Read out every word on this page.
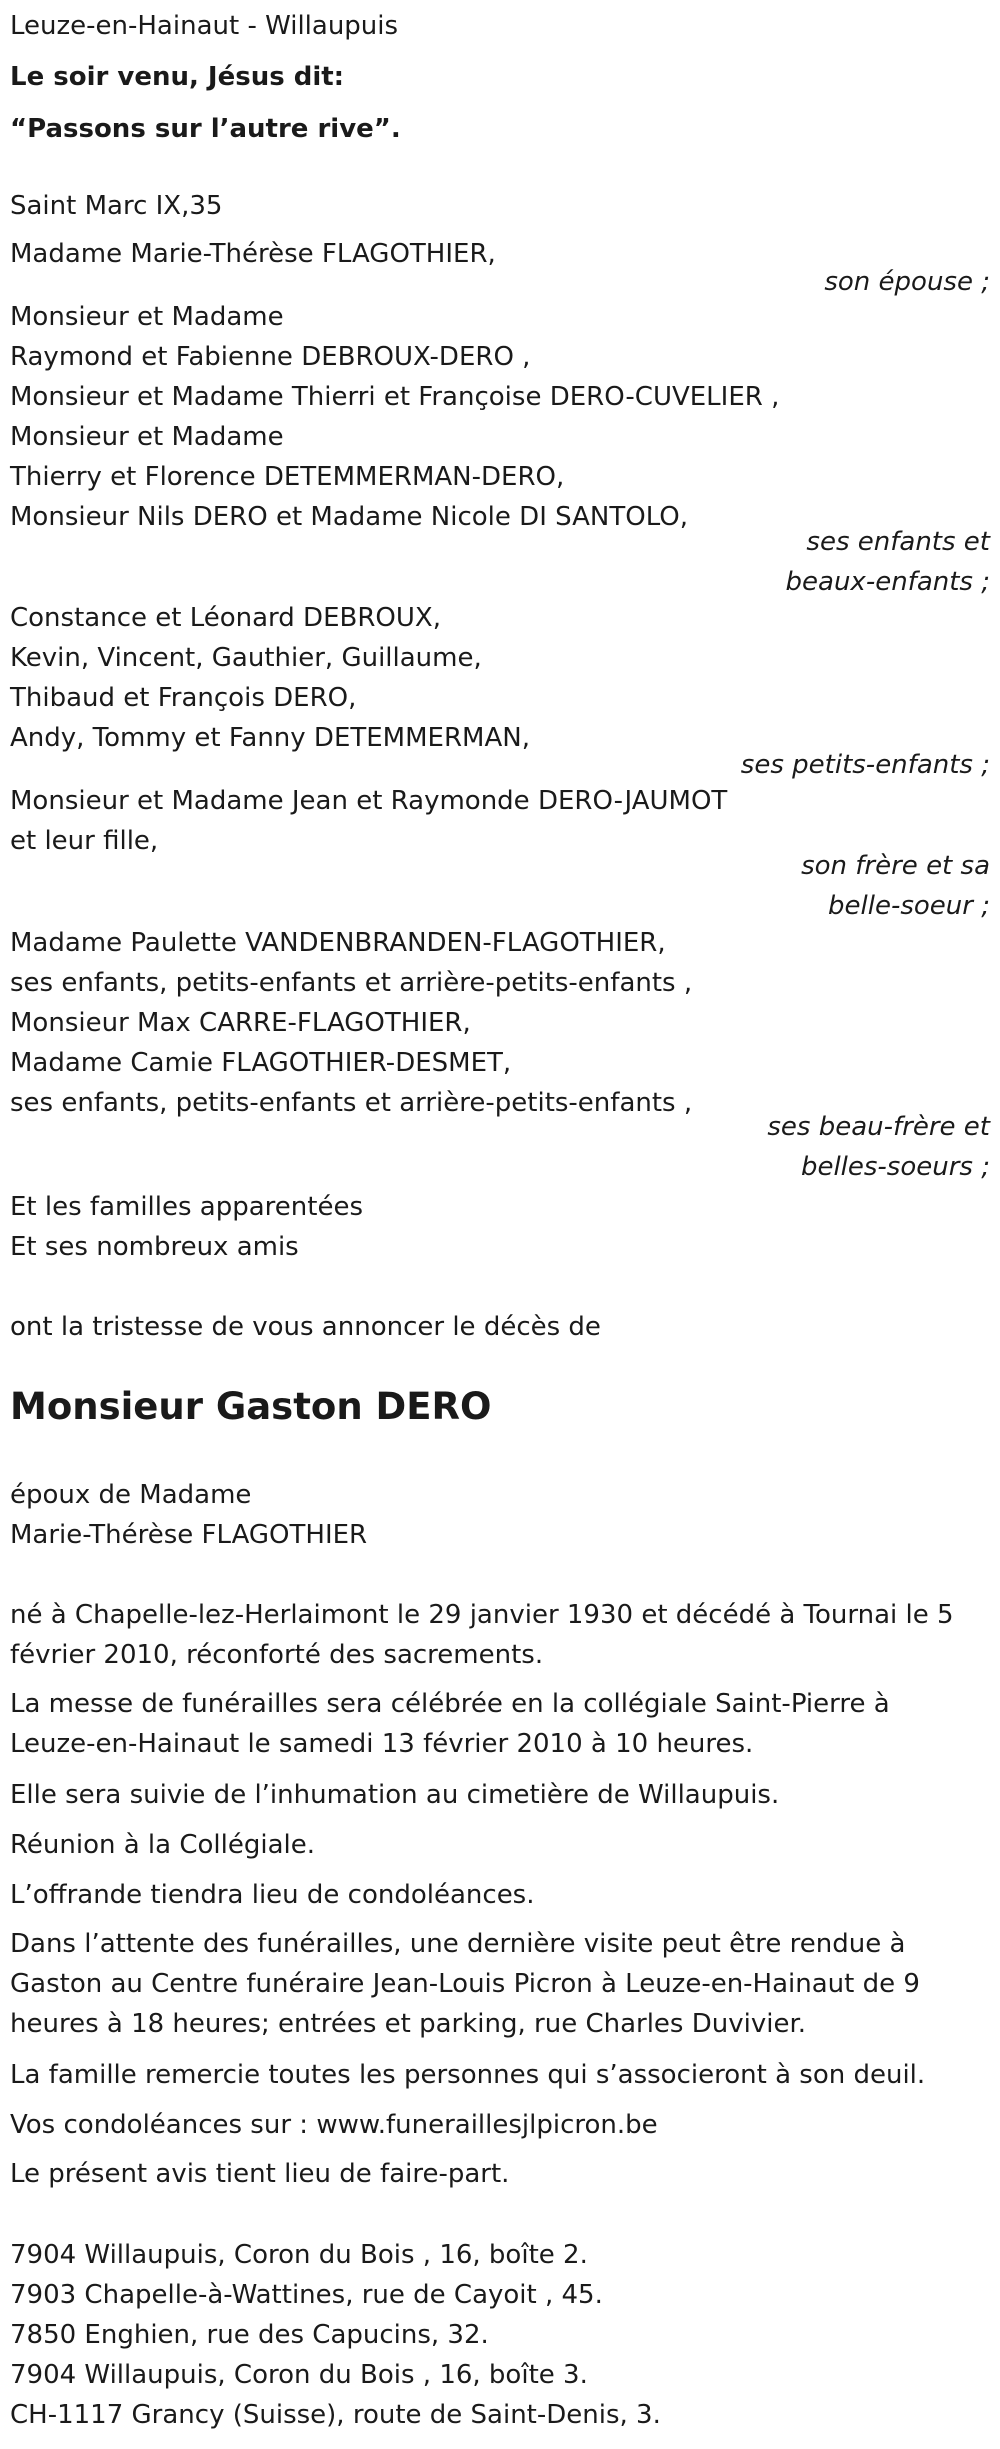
Leuze-en-Hainaut - Willaupuis
Le soir venu, Jésus dit:
“Passons sur l’autre rive”.
Saint Marc IX,35
Madame Marie-Thérèse FLAGOTHIER,
son épouse ;
Monsieur et Madame
Raymond et Fabienne DEBROUX-DERO ,
Monsieur et Madame Thierri et Françoise DERO-CUVELIER ,
Monsieur et Madame
Thierry et Florence DETEMMERMAN-DERO,
Monsieur Nils DERO et Madame Nicole DI SANTOLO,
ses enfants et
beaux-enfants ;
Constance et Léonard DEBROUX,
Kevin, Vincent, Gauthier, Guillaume,
Thibaud et François DERO,
Andy, Tommy et Fanny DETEMMERMAN,
ses petits-enfants ;
Monsieur et Madame Jean et Raymonde DERO-JAUMOT
et leur fille,
son frère et sa
belle-soeur ;
Madame Paulette VANDENBRANDEN-FLAGOTHIER,
ses enfants, petits-enfants et arrière-petits-enfants ,
Monsieur Max CARRE-FLAGOTHIER,
Madame Camie FLAGOTHIER-DESMET,
ses enfants, petits-enfants et arrière-petits-enfants ,
ses beau-frère et
belles-soeurs ;
Et les familles apparentées
Et ses nombreux amis
ont la tristesse de vous annoncer le décès de
Monsieur Gaston DERO
époux de Madame
Marie-Thérèse FLAGOTHIER
né à Chapelle-lez-Herlaimont le 29 janvier 1930 et décédé à Tournai le 5
février 2010, réconforté des sacrements.
La messe de funérailles sera célébrée en la collégiale Saint-Pierre à
Leuze-en-Hainaut le samedi 13 février 2010 à 10 heures.
Elle sera suivie de l’inhumation au cimetière de Willaupuis.
Réunion à la Collégiale.
L’offrande tiendra lieu de condoléances.
Dans l’attente des funérailles, une dernière visite peut être rendue à
Gaston au Centre funéraire Jean-Louis Picron à Leuze-en-Hainaut de 9
heures à 18 heures; entrées et parking, rue Charles Duvivier.
La famille remercie toutes les personnes qui s’associeront à son deuil.
Vos condoléances sur : www.funeraillesjlpicron.be
Le présent avis tient lieu de faire-part.
7904 Willaupuis, Coron du Bois , 16, boîte 2.
7903 Chapelle-à-Wattines, rue de Cayoit , 45.
7850 Enghien, rue des Capucins, 32.
7904 Willaupuis, Coron du Bois , 16, boîte 3.
CH-1117 Grancy (Suisse), route de Saint-Denis, 3.
